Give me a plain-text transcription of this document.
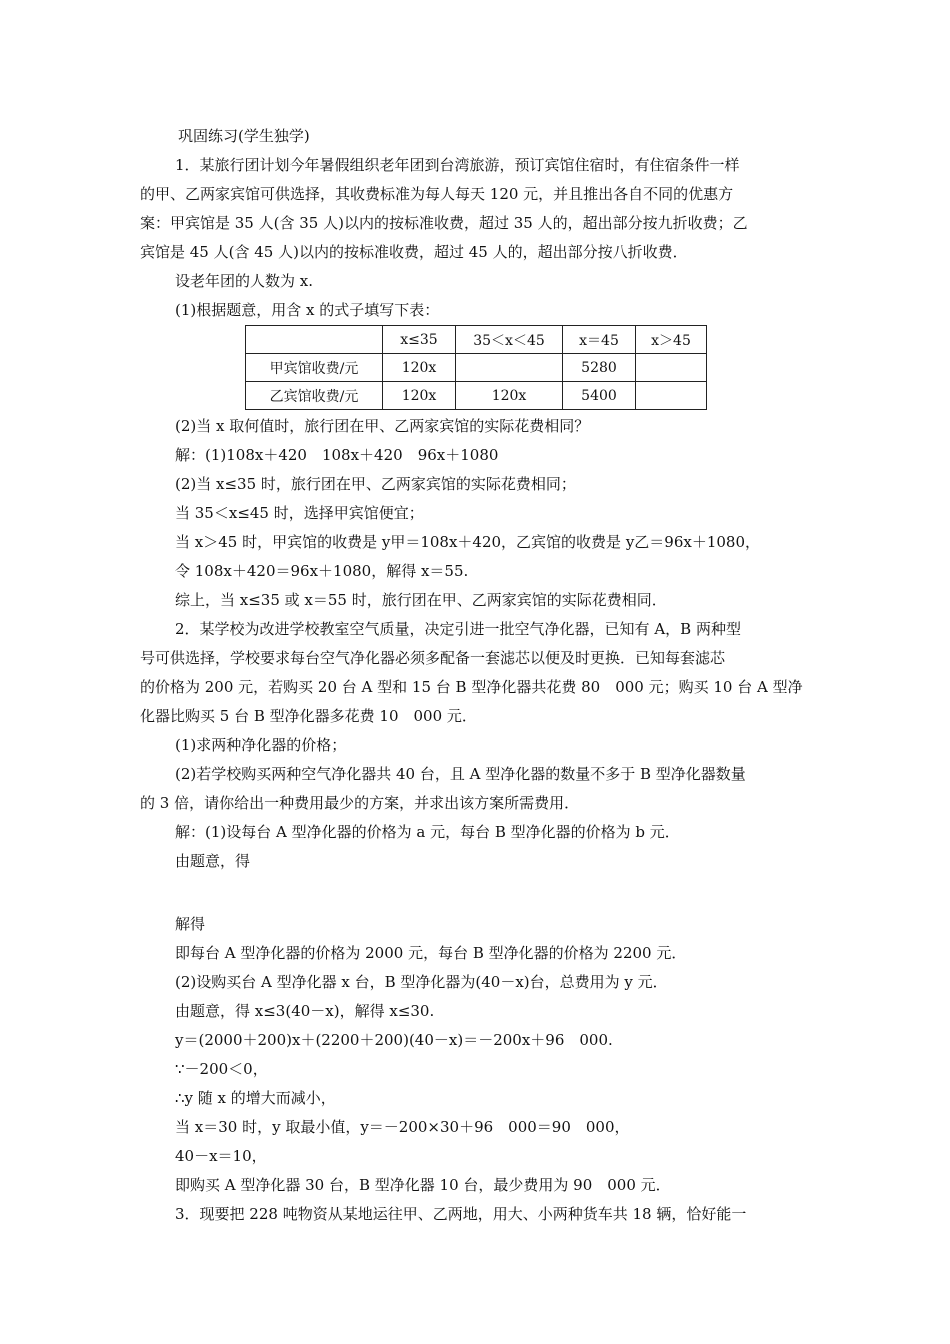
巩固练习(学生独学)
1．某旅行团计划今年暑假组织老年团到台湾旅游，预订宾馆住宿时，有住宿条件一样
的甲、乙两家宾馆可供选择，其收费标准为每人每天 120 元，并且推出各自不同的优惠方
案：甲宾馆是 35 人(含 35 人)以内的按标准收费，超过 35 人的，超出部分按九折收费；乙
宾馆是 45 人(含 45 人)以内的按标准收费，超过 45 人的，超出部分按八折收费．
设老年团的人数为 x.
(1)根据题意，用含 x 的式子填写下表：
	x≤35	35＜x＜45	x＝45	x＞45
甲宾馆收费/元	120x		5280	
乙宾馆收费/元	120x	120x	5400	
(2)当 x 取何值时，旅行团在甲、乙两家宾馆的实际花费相同？
解：(1)108x＋420　108x＋420　96x＋1080
(2)当 x≤35 时，旅行团在甲、乙两家宾馆的实际花费相同；
当 35＜x≤45 时，选择甲宾馆便宜；
当 x＞45 时，甲宾馆的收费是 y甲＝108x＋420，乙宾馆的收费是 y乙＝96x＋1080，
令 108x＋420＝96x＋1080，解得 x＝55.
综上，当 x≤35 或 x＝55 时，旅行团在甲、乙两家宾馆的实际花费相同．
2．某学校为改进学校教室空气质量，决定引进一批空气净化器，已知有 A，B 两种型
号可供选择，学校要求每台空气净化器必须多配备一套滤芯以便及时更换．已知每套滤芯
的价格为 200 元，若购买 20 台 A 型和 15 台 B 型净化器共花费 80　000 元；购买 10 台 A 型净
化器比购买 5 台 B 型净化器多花费 10　000 元．
(1)求两种净化器的价格；
(2)若学校购买两种空气净化器共 40 台，且 A 型净化器的数量不多于 B 型净化器数量
的 3 倍，请你给出一种费用最少的方案，并求出该方案所需费用．
解：(1)设每台 A 型净化器的价格为 a 元，每台 B 型净化器的价格为 b 元．
由题意，得
解得
即每台 A 型净化器的价格为 2000 元，每台 B 型净化器的价格为 2200 元．
(2)设购买台 A 型净化器 x 台，B 型净化器为(40－x)台，总费用为 y 元．
由题意，得 x≤3(40－x)，解得 x≤30.
y＝(2000＋200)x＋(2200＋200)(40－x)＝－200x＋96　000.
∵－200＜0，
∴y 随 x 的增大而减小，
当 x＝30 时，y 取最小值，y＝－200×30＋96　000＝90　000，
40－x＝10，
即购买 A 型净化器 30 台，B 型净化器 10 台，最少费用为 90　000 元．
3．现要把 228 吨物资从某地运往甲、乙两地，用大、小两种货车共 18 辆，恰好能一
